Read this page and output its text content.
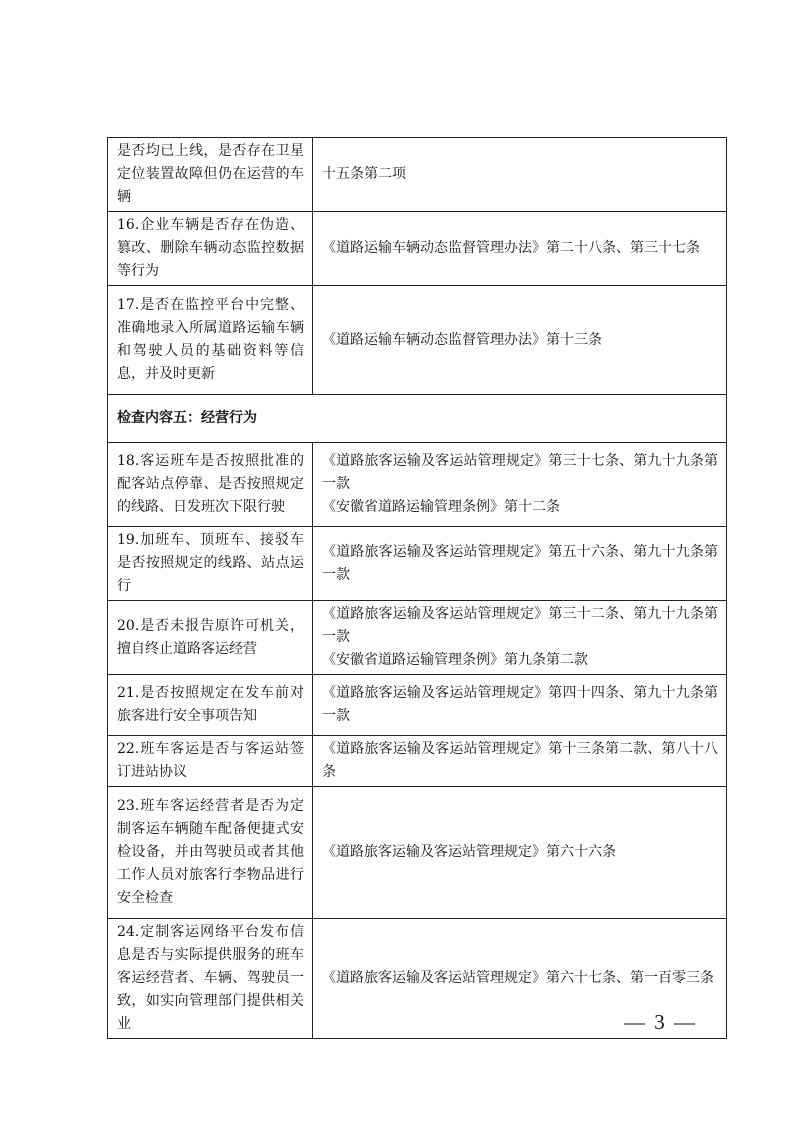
是否均已上线，是否存在卫星定位装置故障但仍在运营的车辆	十五条第二项

16.企业车辆是否存在伪造、篡改、删除车辆动态监控数据等行为	《道路运输车辆动态监督管理办法》第二十八条、第三十七条

17.是否在监控平台中完整、准确地录入所属道路运输车辆和驾驶人员的基础资料等信息，并及时更新	《道路运输车辆动态监督管理办法》第十三条

检查内容五：经营行为	
18.客运班车是否按照批准的配客站点停靠、是否按照规定的线路、日发班次下限行驶	《道路旅客运输及客运站管理规定》第三十七条、第九十九条第一款
《安徽省道路运输管理条例》第十二条

19.加班车、顶班车、接驳车是否按照规定的线路、站点运行	《道路旅客运输及客运站管理规定》第五十六条、第九十九条第一款

20.是否未报告原许可机关，擅自终止道路客运经营	《道路旅客运输及客运站管理规定》第三十二条、第九十九条第一款
《安徽省道路运输管理条例》第九条第二款

21.是否按照规定在发车前对旅客进行安全事项告知	《道路旅客运输及客运站管理规定》第四十四条、第九十九条第一款

22.班车客运是否与客运站签订进站协议	《道路旅客运输及客运站管理规定》第十三条第二款、第八十八条

23.班车客运经营者是否为定制客运车辆随车配备便捷式安检设备，并由驾驶员或者其他工作人员对旅客行李物品进行安全检查	《道路旅客运输及客运站管理规定》第六十六条

24.定制客运网络平台发布信息是否与实际提供服务的班车客运经营者、车辆、驾驶员一致，如实向管理部门提供相关业	《道路旅客运输及客运站管理规定》第六十七条、第一百零三条
— 3 —
